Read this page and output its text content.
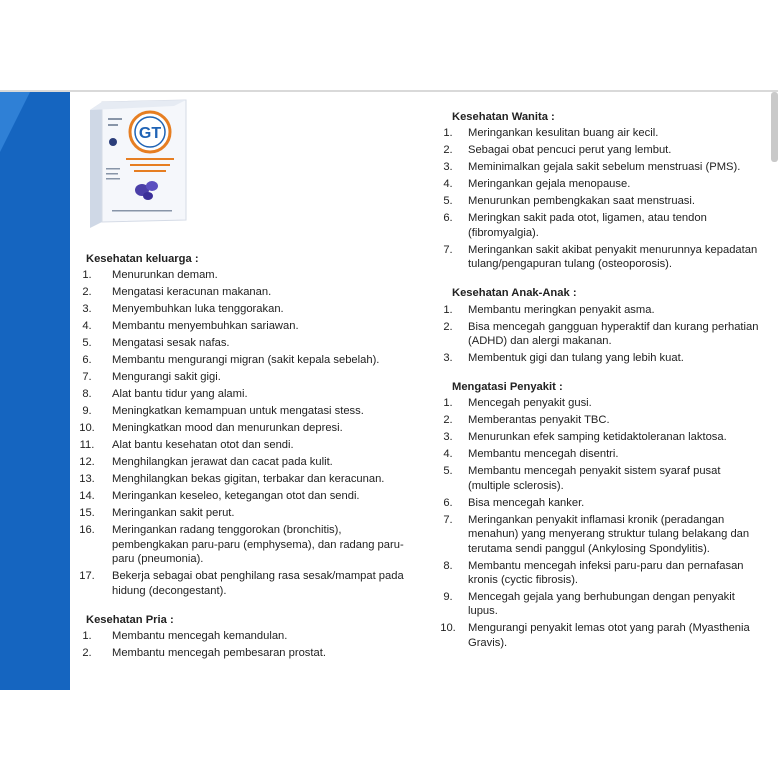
GT
Kesehatan keluarga :
1.	Menurunkan demam.
2.	Mengatasi keracunan makanan.
3.	Menyembuhkan luka tenggorakan.
4.	Membantu menyembuhkan sariawan.
5.	Mengatasi sesak nafas.
6.	Membantu mengurangi migran (sakit kepala sebelah).
7.	Mengurangi sakit gigi.
8.	Alat bantu tidur yang alami.
9.	Meningkatkan kemampuan untuk mengatasi stess.
10.	Meningkatkan mood dan menurunkan depresi.
11.	Alat bantu kesehatan otot dan sendi.
12.	Menghilangkan jerawat dan cacat pada kulit.
13.	Menghilangkan bekas gigitan, terbakar dan keracunan.
14.	Meringankan keseleo, ketegangan otot dan sendi.
15.	Meringankan sakit perut.
16.	Meringankan radang tenggorokan (bronchitis), pembengkakan paru-paru (emphysema), dan radang paru-paru (pneumonia).
17.	Bekerja sebagai obat penghilang rasa sesak/mampat pada hidung (decongestant).
Kesehatan Pria :
1.	Membantu mencegah kemandulan.
2.	Membantu mencegah pembesaran prostat.
Kesehatan Wanita :
1.	Meringankan kesulitan buang air kecil.
2.	Sebagai obat pencuci perut yang lembut.
3.	Meminimalkan gejala sakit sebelum menstruasi (PMS).
4.	Meringankan gejala menopause.
5.	Menurunkan pembengkakan saat menstruasi.
6.	Meringkan sakit pada otot, ligamen, atau tendon (fibromyalgia).
7.	Meringankan sakit akibat penyakit menurunnya kepadatan tulang/pengapuran tulang (osteoporosis).
Kesehatan Anak-Anak :
1.	Membantu meringkan penyakit asma.
2.	Bisa mencegah gangguan hyperaktif dan kurang perhatian (ADHD) dan alergi makanan.
3.	Membentuk gigi dan tulang yang lebih kuat.
Mengatasi Penyakit :
1.	Mencegah penyakit gusi.
2.	Memberantas penyakit TBC.
3.	Menurunkan efek samping ketidaktoleranan laktosa.
4.	Membantu mencegah disentri.
5.	Membantu mencegah penyakit sistem syaraf pusat (multiple sclerosis).
6.	Bisa mencegah kanker.
7.	Meringankan penyakit inflamasi kronik (peradangan menahun) yang menyerang struktur tulang belakang dan terutama sendi panggul (Ankylosing Spondylitis).
8.	Membantu mencegah infeksi paru-paru dan pernafasan kronis (cyctic fibrosis).
9.	Mencegah gejala yang berhubungan dengan penyakit lupus.
10.	Mengurangi penyakit lemas otot yang parah (Myasthenia Gravis).
